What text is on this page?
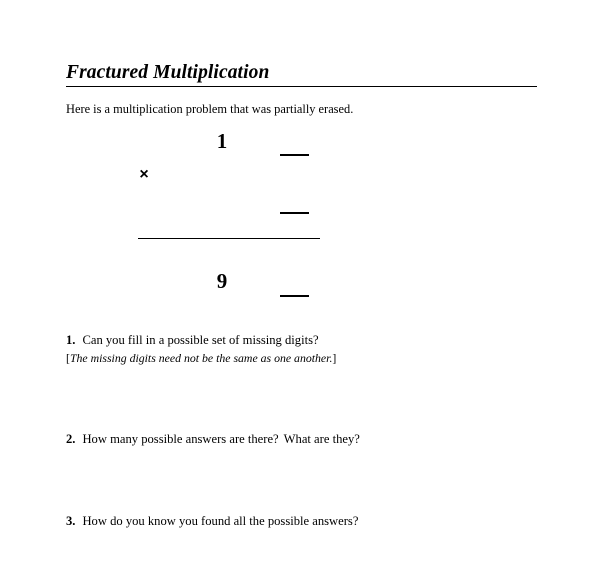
Fractured Multiplication
Here is a multiplication problem that was partially erased.
1
×
9
1. Can you fill in a possible set of missing digits?
[The missing digits need not be the same as one another.]
2. How many possible answers are there? What are they?
3. How do you know you found all the possible answers?
